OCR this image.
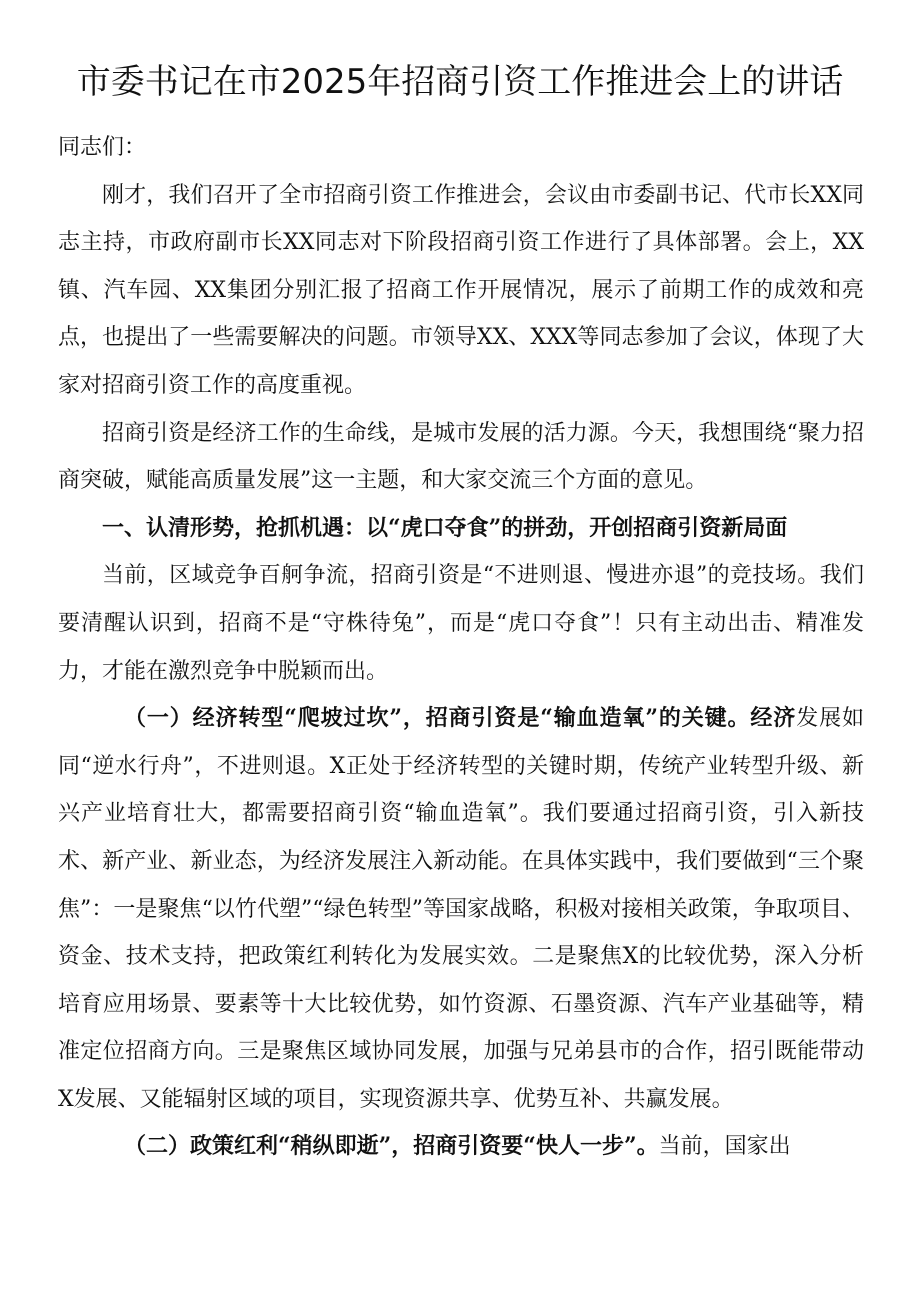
市委书记在市2025年招商引资工作推进会上的讲话

同志们：

刚才，我们召开了全市招商引资工作推进会，会议由市委副书记、代市长XX同志主持，市政府副市长XX同志对下阶段招商引资工作进行了具体部署。会上，XX镇、汽车园、XX集团分别汇报了招商工作开展情况，展示了前期工作的成效和亮点，也提出了一些需要解决的问题。市领导XX、XXX等同志参加了会议，体现了大家对招商引资工作的高度重视。

招商引资是经济工作的生命线，是城市发展的活力源。今天，我想围绕“聚力招商突破，赋能高质量发展”这一主题，和大家交流三个方面的意见。

一、认清形势，抢抓机遇：以“虎口夺食”的拼劲，开创招商引资新局面

当前，区域竞争百舸争流，招商引资是“不进则退、慢进亦退”的竞技场。我们要清醒认识到，招商不是“守株待兔”，而是“虎口夺食”！只有主动出击、精准发力，才能在激烈竞争中脱颖而出。

（一）经济转型“爬坡过坎”，招商引资是“输血造氧”的关键。经济发展如同“逆水行舟”，不进则退。X正处于经济转型的关键时期，传统产业转型升级、新兴产业培育壮大，都需要招商引资“输血造氧”。我们要通过招商引资，引入新技术、新产业、新业态，为经济发展注入新动能。在具体实践中，我们要做到“三个聚焦”：一是聚焦“以竹代塑”“绿色转型”等国家战略，积极对接相关政策，争取项目、资金、技术支持，把政策红利转化为发展实效。二是聚焦X的比较优势，深入分析培育应用场景、要素等十大比较优势，如竹资源、石墨资源、汽车产业基础等，精准定位招商方向。三是聚焦区域协同发展，加强与兄弟县市的合作，招引既能带动X发展、又能辐射区域的项目，实现资源共享、优势互补、共赢发展。

（二）政策红利“稍纵即逝”，招商引资要“快人一步”。当前，国家出
